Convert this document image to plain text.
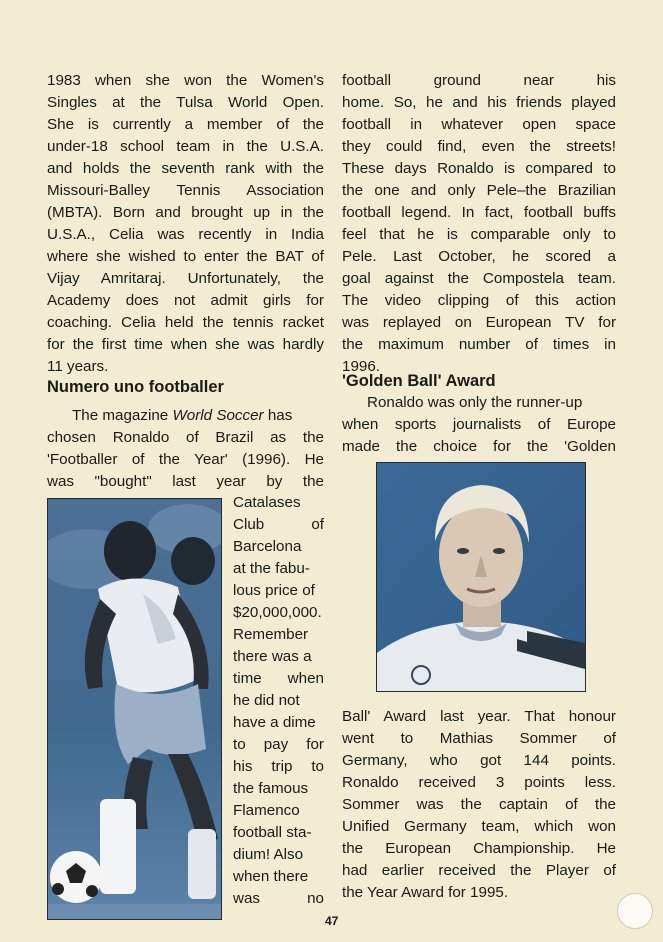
1983 when she won the Women's
Singles at the Tulsa World Open.
She is currently a member of the
under-18 school team in the U.S.A.
and holds the seventh rank with the
Missouri-Balley Tennis Association
(MBTA). Born and brought up in the
U.S.A., Celia was recently in India
where she wished to enter the BAT of
Vijay Amritaraj. Unfortunately, the
Academy does not admit girls for
coaching. Celia held the tennis racket
for the first time when she was hardly
11 years.
Numero uno footballer
The magazine World Soccer has
chosen Ronaldo of Brazil as the
'Footballer of the Year' (1996). He
was "bought" last year by the
Catalases
Club of
Barcelona
at the fabu-
lous price of
$20,000,000.
Remember
there was a
time when
he did not
have a dime
to pay for
his trip to
the famous
Flamenco
football sta-
dium! Also
when there
was no
football ground near his
home. So, he and his friends played
football in whatever open space
they could find, even the streets!
These days Ronaldo is compared to
the one and only Pele–the Brazilian
football legend. In fact, football buffs
feel that he is comparable only to
Pele. Last October, he scored a
goal against the Compostela team.
The video clipping of this action
was replayed on European TV for
the maximum number of times in
1996.
'Golden Ball' Award
Ronaldo was only the runner-up
when sports journalists of Europe
made the choice for the 'Golden
Ball' Award last year. That honour
went to Mathias Sommer of
Germany, who got 144 points.
Ronaldo received 3 points less.
Sommer was the captain of the
Unified Germany team, which won
the European Championship. He
had earlier received the Player of
the Year Award for 1995.
47
